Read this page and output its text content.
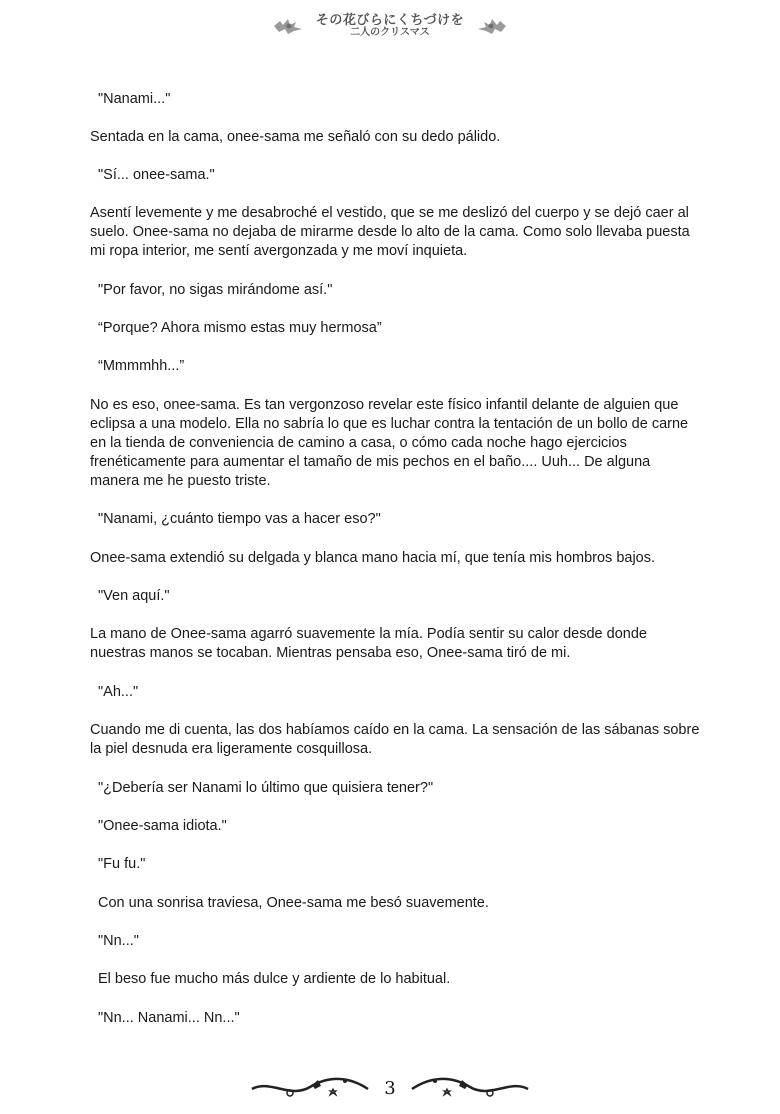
その花びらにくちづけを
二人のクリスマス

"Nanami..."

Sentada en la cama, onee-sama me señaló con su dedo pálido.

"Sí... onee-sama."

Asentí levemente y me desabroché el vestido, que se me deslizó del cuerpo y se dejó caer al suelo. Onee-sama no dejaba de mirarme desde lo alto de la cama. Como solo llevaba puesta mi ropa interior, me sentí avergonzada y me moví inquieta.

"Por favor, no sigas mirándome así."

“Porque? Ahora mismo estas muy hermosa”

“Mmmmhh...”

No es eso, onee-sama. Es tan vergonzoso revelar este físico infantil delante de alguien que eclipsa a una modelo. Ella no sabría lo que es luchar contra la tentación de un bollo de carne en la tienda de conveniencia de camino a casa, o cómo cada noche hago ejercicios frenéticamente para aumentar el tamaño de mis pechos en el baño.... Uuh... De alguna manera me he puesto triste.

"Nanami, ¿cuánto tiempo vas a hacer eso?"

Onee-sama extendió su delgada y blanca mano hacia mí, que tenía mis hombros bajos.

"Ven aquí."

La mano de Onee-sama agarró suavemente la mía. Podía sentir su calor desde donde nuestras manos se tocaban. Mientras pensaba eso, Onee-sama tiró de mi.

"Ah..."

Cuando me di cuenta, las dos habíamos caído en la cama. La sensación de las sábanas sobre la piel desnuda era ligeramente cosquillosa.

"¿Debería ser Nanami lo último que quisiera tener?"

"Onee-sama idiota."

"Fu fu."

Con una sonrisa traviesa, Onee-sama me besó suavemente.

"Nn..."

El beso fue mucho más dulce y ardiente de lo habitual.

"Nn... Nanami... Nn..."

3
